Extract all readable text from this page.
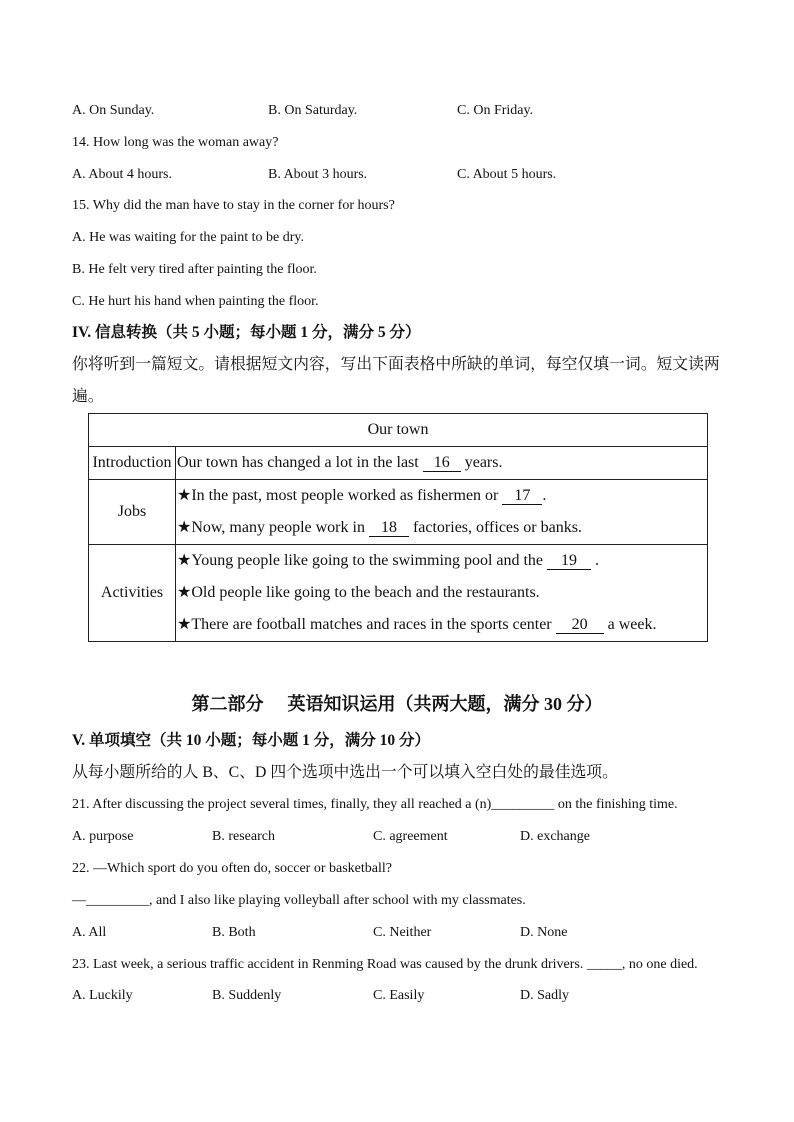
A. On Sunday.	B. On Saturday.	C. On Friday.
14. How long was the woman away?
A. About 4 hours.	B. About 3 hours.	C. About 5 hours.
15. Why did the man have to stay in the corner for hours?
A. He was waiting for the paint to be dry.
B. He felt very tired after painting the floor.
C. He hurt his hand when painting the floor.
IV. 信息转换（共 5 小题；每小题 1 分，满分 5 分）
你将听到一篇短文。请根据短文内容，写出下面表格中所缺的单词，每空仅填一词。短文读两
遍。
Our town	
Introduction	Our town has changed a lot in the last 16 years.

Jobs	★In the past, most people worked as fishermen or 17 .
★Now, many people work in 18 factories, offices or banks.

Activities	★Young people like going to the swimming pool and the 19 .
★Old people like going to the beach and the restaurants.
★There are football matches and races in the sports center 20 a week.
第二部分 英语知识运用（共两大题，满分 30 分）
V. 单项填空（共 10 小题；每小题 1 分，满分 10 分）
从每小题所给的人 B、C、D 四个选项中选出一个可以填入空白处的最佳选项。
21. After discussing the project several times, finally, they all reached a (n)_________ on the finishing time.
A. purpose	B. research	C. agreement	D. exchange
22. —Which sport do you often do, soccer or basketball?
—_________, and I also like playing volleyball after school with my classmates.
A. All	B. Both	C. Neither	D. None
23. Last week, a serious traffic accident in Renming Road was caused by the drunk drivers. _____, no one died.
A. Luckily	B. Suddenly	C. Easily	D. Sadly
